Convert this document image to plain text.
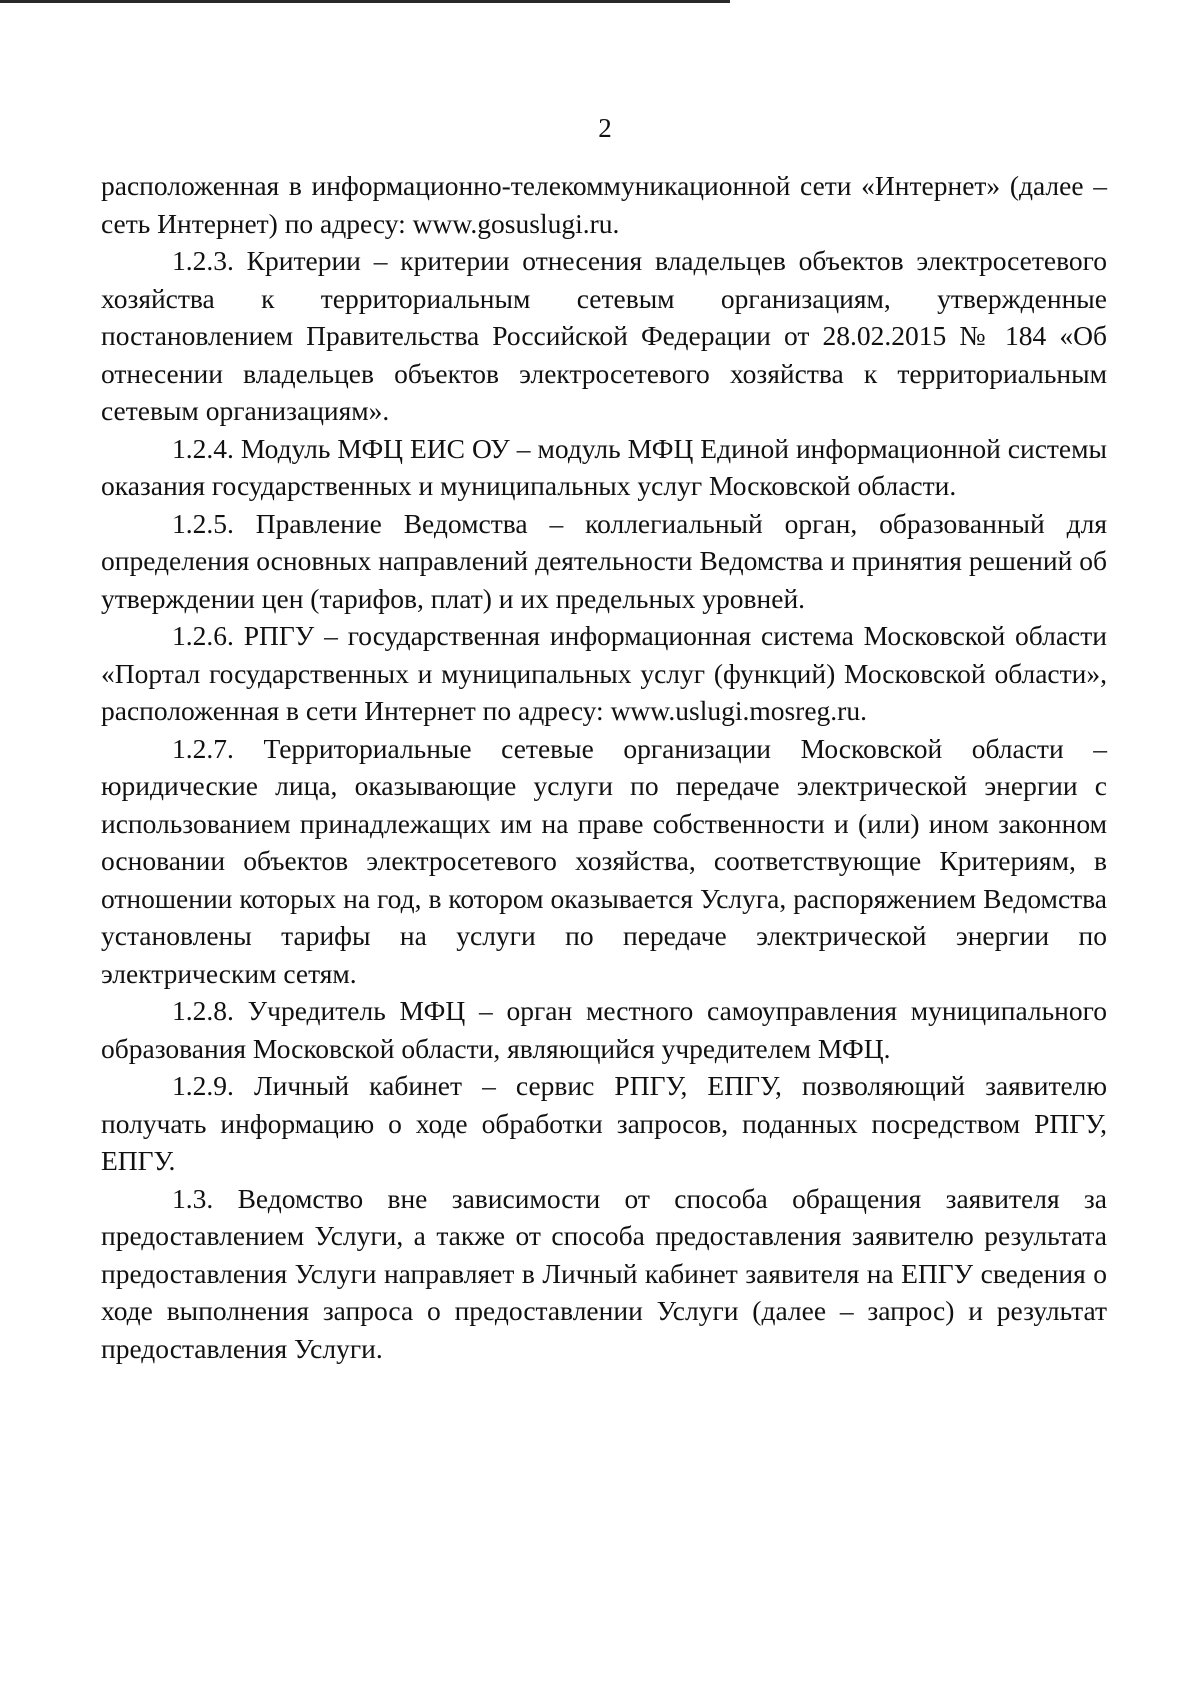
2

расположенная в информационно-телекоммуникационной сети «Интернет» (далее – сеть Интернет) по адресу: www.gosuslugi.ru.

1.2.3. Критерии – критерии отнесения владельцев объектов электросетевого хозяйства к территориальным сетевым организациям, утвержденные постановлением Правительства Российской Федерации от 28.02.2015 № 184 «Об отнесении владельцев объектов электросетевого хозяйства к территориальным сетевым организациям».

1.2.4. Модуль МФЦ ЕИС ОУ – модуль МФЦ Единой информационной системы оказания государственных и муниципальных услуг Московской области.

1.2.5. Правление Ведомства – коллегиальный орган, образованный для определения основных направлений деятельности Ведомства и принятия решений об утверждении цен (тарифов, плат) и их предельных уровней.

1.2.6. РПГУ – государственная информационная система Московской области «Портал государственных и муниципальных услуг (функций) Московской области», расположенная в сети Интернет по адресу: www.uslugi.mosreg.ru.

1.2.7. Территориальные сетевые организации Московской области – юридические лица, оказывающие услуги по передаче электрической энергии с использованием принадлежащих им на праве собственности и (или) ином законном основании объектов электросетевого хозяйства, соответствующие Критериям, в отношении которых на год, в котором оказывается Услуга, распоряжением Ведомства установлены тарифы на услуги по передаче электрической энергии по электрическим сетям.

1.2.8. Учредитель МФЦ – орган местного самоуправления муниципального образования Московской области, являющийся учредителем МФЦ.

1.2.9. Личный кабинет – сервис РПГУ, ЕПГУ, позволяющий заявителю получать информацию о ходе обработки запросов, поданных посредством РПГУ, ЕПГУ.

1.3. Ведомство вне зависимости от способа обращения заявителя за предоставлением Услуги, а также от способа предоставления заявителю результата предоставления Услуги направляет в Личный кабинет заявителя на ЕПГУ сведения о ходе выполнения запроса о предоставлении Услуги (далее – запрос) и результат предоставления Услуги.
